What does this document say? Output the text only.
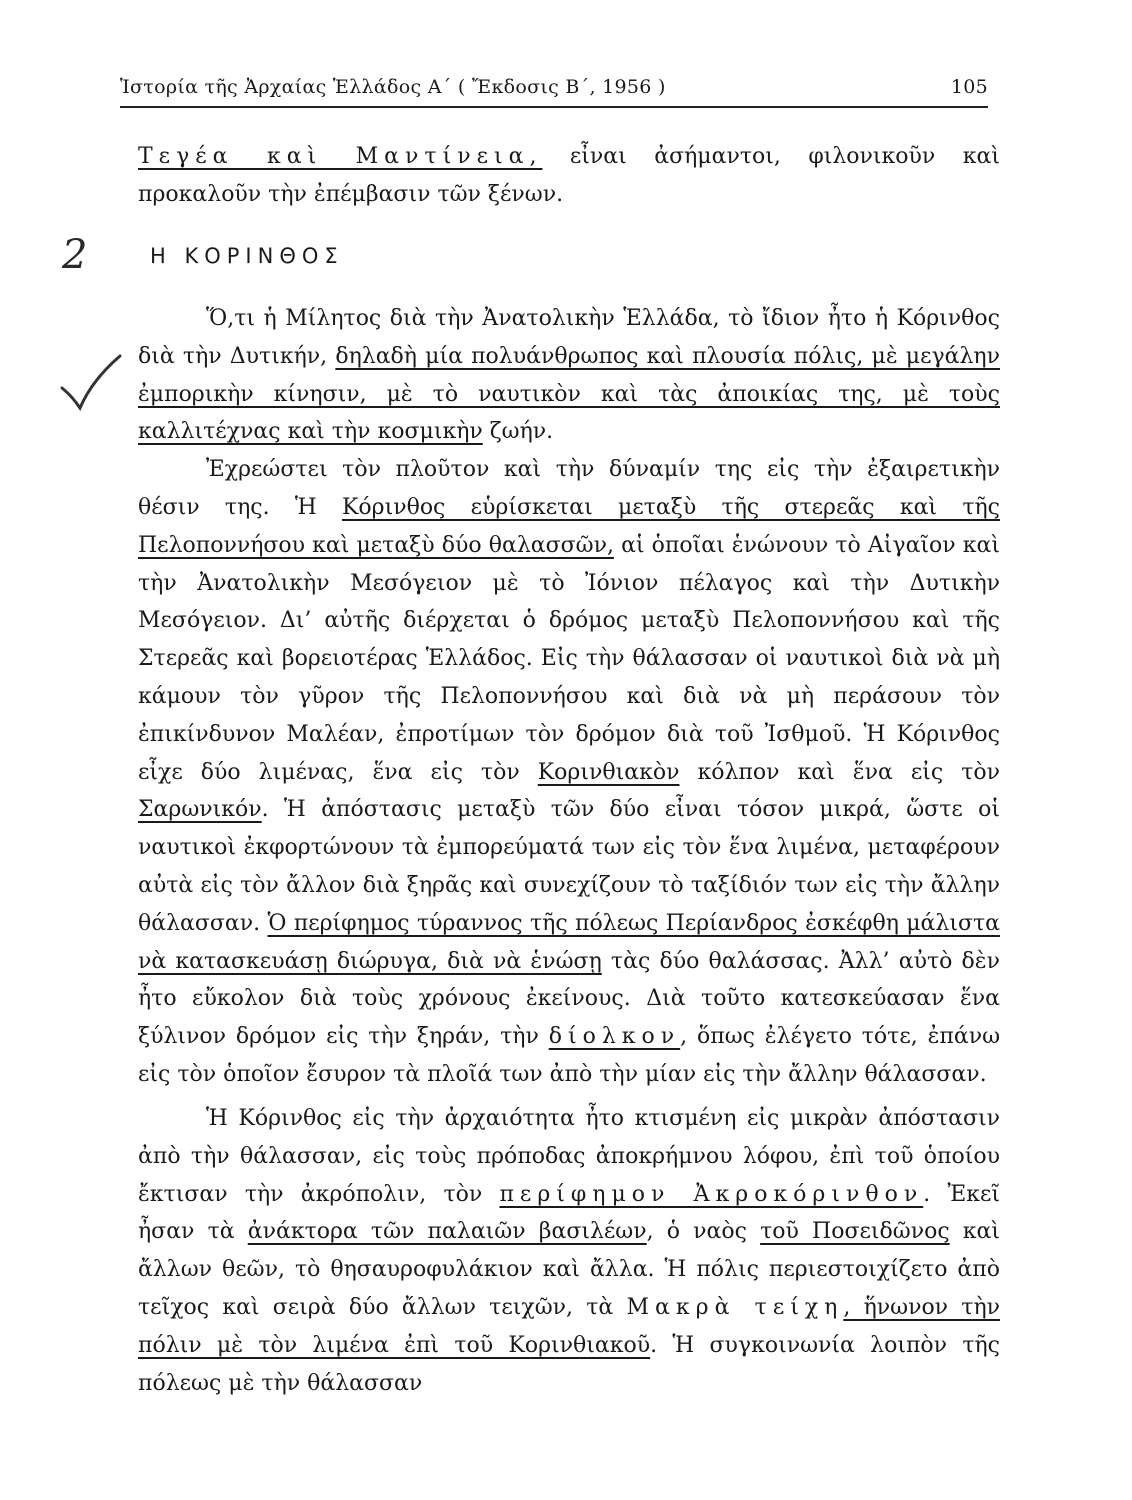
Ἱστορία τῆς Ἀρχαίας Ἑλλάδος Α΄ ( Ἔκδοσις Β΄, 1956 )	105

Τεγέα καὶ Μαντίνεια, εἶναι ἀσήμαντοι, φιλονικοῦν καὶ προκαλοῦν τὴν ἐπέμβασιν τῶν ξένων.

2	Η ΚΟΡΙΝΘΟΣ

Ὅ,τι ἡ Μίλητος διὰ τὴν Ἀνατολικὴν Ἑλλάδα, τὸ ἴδιον ἦτο ἡ Κόρινθος διὰ τὴν Δυτικήν, δηλαδὴ μία πολυάνθρωπος καὶ πλουσία πόλις, μὲ μεγάλην ἐμπορικὴν κίνησιν, μὲ τὸ ναυτικὸν καὶ τὰς ἀποικίας της, μὲ τοὺς καλλιτέχνας καὶ τὴν κοσμικὴν ζωήν.

Ἐχρεώστει τὸν πλοῦτον καὶ τὴν δύναμίν της εἰς τὴν ἐξαιρετικὴν θέσιν της. Ἡ Κόρινθος εὑρίσκεται μεταξὺ τῆς στερεᾶς καὶ τῆς Πελοποννήσου καὶ μεταξὺ δύο θαλασσῶν, αἱ ὁποῖαι ἑνώνουν τὸ Αἰγαῖον καὶ τὴν Ἀνατολικὴν Μεσόγειον μὲ τὸ Ἰόνιον πέλαγος καὶ τὴν Δυτικὴν Μεσόγειον. Δι’ αὐτῆς διέρχεται ὁ δρόμος μεταξὺ Πελοποννήσου καὶ τῆς Στερεᾶς καὶ βορειοτέρας Ἑλλάδος. Εἰς τὴν θάλασσαν οἱ ναυτικοὶ διὰ νὰ μὴ κάμουν τὸν γῦρον τῆς Πελοποννήσου καὶ διὰ νὰ μὴ περάσουν τὸν ἐπικίνδυνον Μαλέαν, ἐπροτίμων τὸν δρόμον διὰ τοῦ Ἰσθμοῦ. Ἡ Κόρινθος εἶχε δύο λιμένας, ἕνα εἰς τὸν Κορινθιακὸν κόλπον καὶ ἕνα εἰς τὸν Σαρωνικόν. Ἡ ἀπόστασις μεταξὺ τῶν δύο εἶναι τόσον μικρά, ὥστε οἱ ναυτικοὶ ἐκφορτώνουν τὰ ἐμπορεύματά των εἰς τὸν ἕνα λιμένα, μεταφέρουν αὐτὰ εἰς τὸν ἄλλον διὰ ξηρᾶς καὶ συνεχίζουν τὸ ταξίδιόν των εἰς τὴν ἄλλην θάλασσαν. Ὁ περίφημος τύραννος τῆς πόλεως Περίανδρος ἐσκέφθη μάλιστα νὰ κατασκευάσῃ διώρυγα, διὰ νὰ ἑνώσῃ τὰς δύο θαλάσσας. Ἀλλ’ αὐτὸ δὲν ἦτο εὔκολον διὰ τοὺς χρόνους ἐκείνους. Διὰ τοῦτο κατεσκεύασαν ἕνα ξύλινον δρόμον εἰς τὴν ξηράν, τὴν δίολκον, ὅπως ἐλέγετο τότε, ἐπάνω εἰς τὸν ὁποῖον ἔσυρον τὰ πλοῖά των ἀπὸ τὴν μίαν εἰς τὴν ἄλλην θάλασσαν.

Ἡ Κόρινθος εἰς τὴν ἀρχαιότητα ἦτο κτισμένη εἰς μικρὰν ἀπόστασιν ἀπὸ τὴν θάλασσαν, εἰς τοὺς πρόποδας ἀποκρήμνου λόφου, ἐπὶ τοῦ ὁποίου ἔκτισαν τὴν ἀκρόπολιν, τὸν περίφημον Ἀκροκόρινθον. Ἐκεῖ ἦσαν τὰ ἀνάκτορα τῶν παλαιῶν βασιλέων, ὁ ναὸς τοῦ Ποσειδῶνος καὶ ἄλλων θεῶν, τὸ θησαυροφυλάκιον καὶ ἄλλα. Ἡ πόλις περιεστοιχίζετο ἀπὸ τεῖχος καὶ σειρὰ δύο ἄλλων τειχῶν, τὰ Μακρὰ τείχη, ἥνωνον τὴν πόλιν μὲ τὸν λιμένα ἐπὶ τοῦ Κορινθιακοῦ. Ἡ συγκοινωνία λοιπὸν τῆς πόλεως μὲ τὴν θάλασσαν
